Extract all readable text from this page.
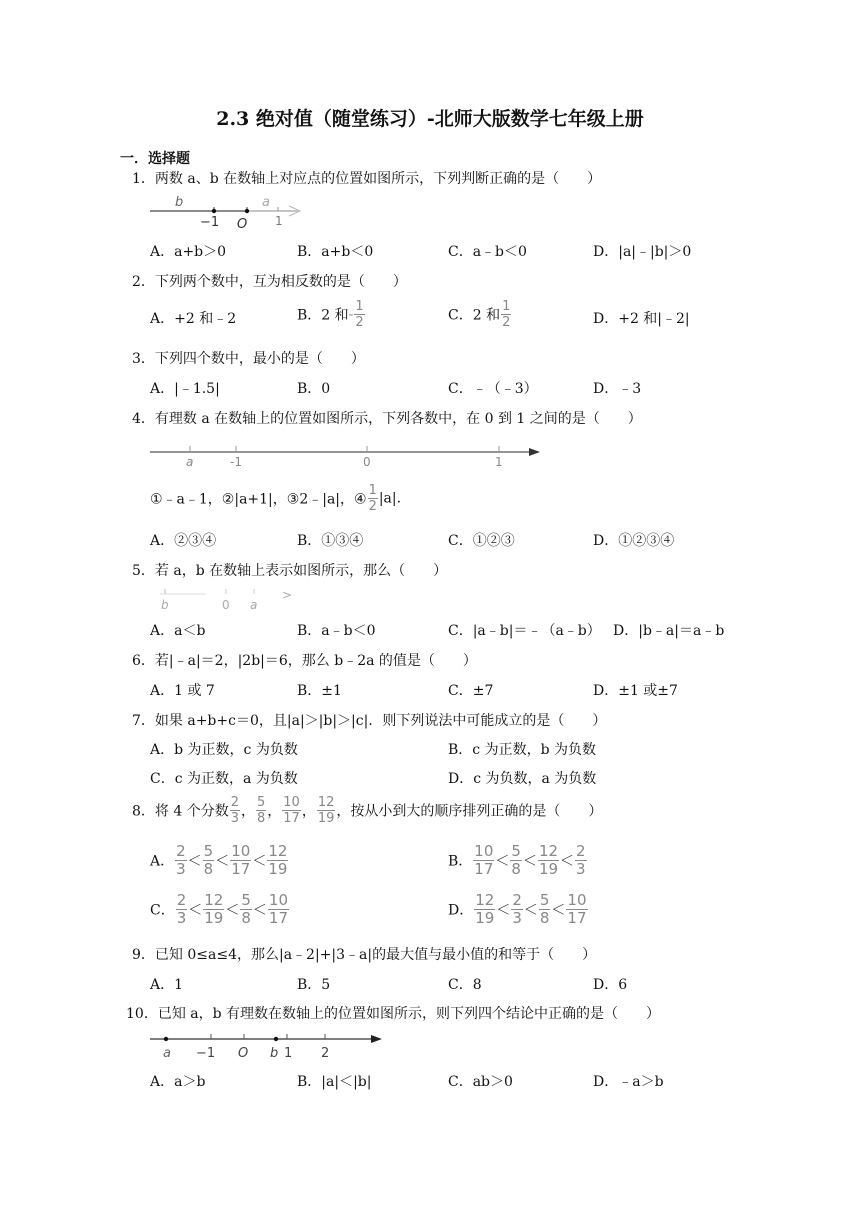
2.3 绝对值（随堂练习）-北师大版数学七年级上册
一．选择题
1．两数 a、b 在数轴上对应点的位置如图所示，下列判断正确的是（　　）
b
−1 O
a
1
A．a+b＞0	B．a+b＜0	C．a﹣b＜0	D．|a|﹣|b|＞0
2．下列两个数中，互为相反数的是（　　）
A．+2 和﹣2	B．2 和- $\frac{1}{2}$	C．2 和 $\frac{1}{2}$	D．+2 和|﹣2|
3．下列四个数中，最小的是（　　）
A．|﹣1.5|	B．0	C．﹣（﹣3）	D．﹣3
4．有理数 a 在数轴上的位置如图所示，下列各数中，在 0 到 1 之间的是（　　）
a	-1	0	1
①﹣a﹣1，②|a+1|，③2﹣|a|，④ $\frac{1}{2} |a|$.
A．②③④	B．①③④	C．①②③	D．①②③④
5．若 a，b 在数轴上表示如图所示，那么（　　）
b	0 a
>
A．a＜b	B．a﹣b＜0	C．|a﹣b|＝﹣（a﹣b） D．|b﹣a|＝a﹣b
6．若|﹣a|＝2，|2b|＝6，那么 b﹣2a 的值是（　　）
A．1 或 7	B．±1	C．±7	D．±1 或±7
7．如果 a+b+c＝0，且|a|＞|b|＞|c|．则下列说法中可能成立的是（　　）
A．b 为正数，c 为负数	B．c 为正数，b 为负数
C．c 为正数，a 为负数	D．c 为负数，a 为负数
8．将 4 个分数 $\frac{2}{3}$ ， $\frac{5}{8}$ ， $\frac{10}{17}$ ， $\frac{12}{19}$ ，按从小到大的顺序排列正确的是（　　）
A． $\frac{2}{3} < \frac{5}{8} < \frac{10}{17} < \frac{12}{19}$	B． $\frac{10}{17} < \frac{5}{8} < \frac{12}{19} < \frac{2}{3}$
C． $\frac{2}{3} < \frac{12}{19} < \frac{5}{8} < \frac{10}{17}$	D． $\frac{12}{19} < \frac{2}{3} < \frac{5}{8} < \frac{10}{17}$
9．已知 0≤a≤4，那么|a﹣2|+|3﹣a|的最大值与最小值的和等于（　　）
A．1	B．5	C．8	D．6
10．已知 a，b 有理数在数轴上的位置如图所示，则下列四个结论中正确的是（　　）
a −1 O b 1 2
A．a＞b	B．|a|＜|b|	C．ab＞0	D．﹣a＞b
